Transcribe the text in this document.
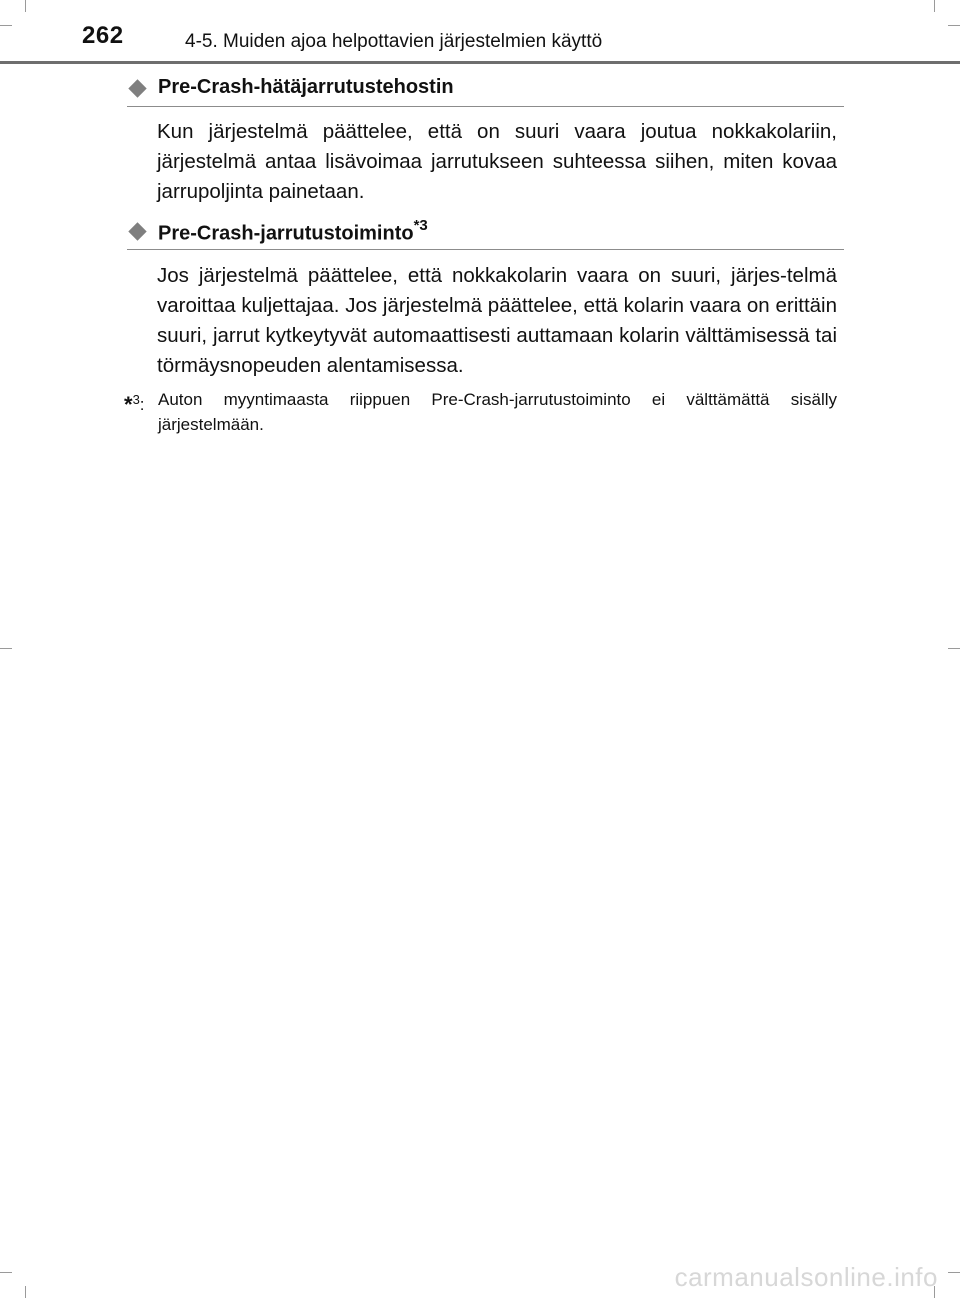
262	4-5. Muiden ajoa helpottavien järjestelmien käyttö
Pre-Crash-hätäjarrutustehostin

Kun järjestelmä päättelee, että on suuri vaara joutua nokkakolariin, järjestelmä antaa lisävoimaa jarrutukseen suhteessa siihen, miten kovaa jarrupoljinta painetaan.

Pre-Crash-jarrutustoiminto$^{*3}$

Jos järjestelmä päättelee, että nokkakolarin vaara on suuri, järjes-telmä varoittaa kuljettajaa. Jos järjestelmä päättelee, että kolarin vaara on erittäin suuri, jarrut kytkeytyvät automaattisesti auttamaan kolarin välttämisessä tai törmäysnopeuden alentamisessa.

*$^3$: Auton myyntimaasta riippuen Pre-Crash-jarrutustoiminto ei välttämättä sisälly järjestelmään.

carmanualsonline.info
